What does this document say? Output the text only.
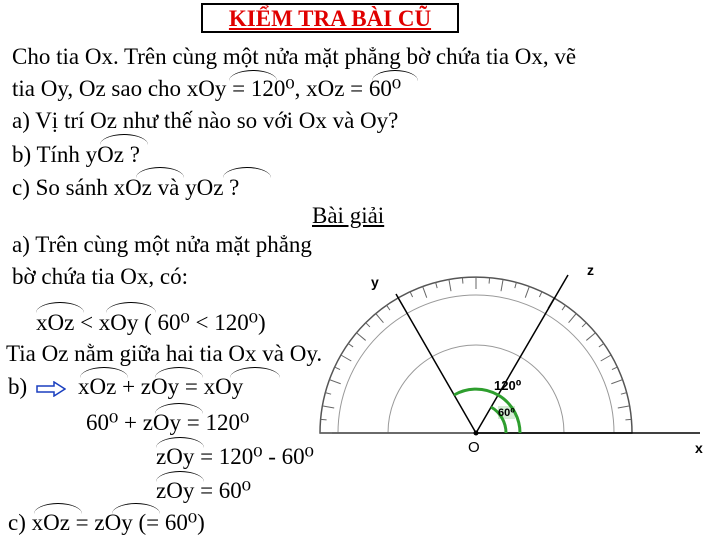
KIỂM TRA BÀI CŨ
Cho tia Ox. Trên cùng một nửa mặt phẳng bờ chứa tia Ox, vẽ
tia Oy, Oz sao cho xOy = 120⁰, xOz = 60⁰
a) Vị trí Oz như thế nào so với Ox và Oy?
b) Tính yOz ?
c) So sánh xOz và yOz ?
Bài giải
a) Trên cùng một nửa mặt phẳng
bờ chứa tia Ox, có:
xOz < xOy ( 60⁰ < 120⁰)
Tia Oz nằm giữa hai tia Ox và Oy.
b) xOz + zOy = xOy
60⁰ + zOy = 120⁰
zOy = 120⁰ - 60⁰
zOy = 60⁰
c) xOz = zOy (= 60⁰)
y
z
O	x
120⁰
60⁰
